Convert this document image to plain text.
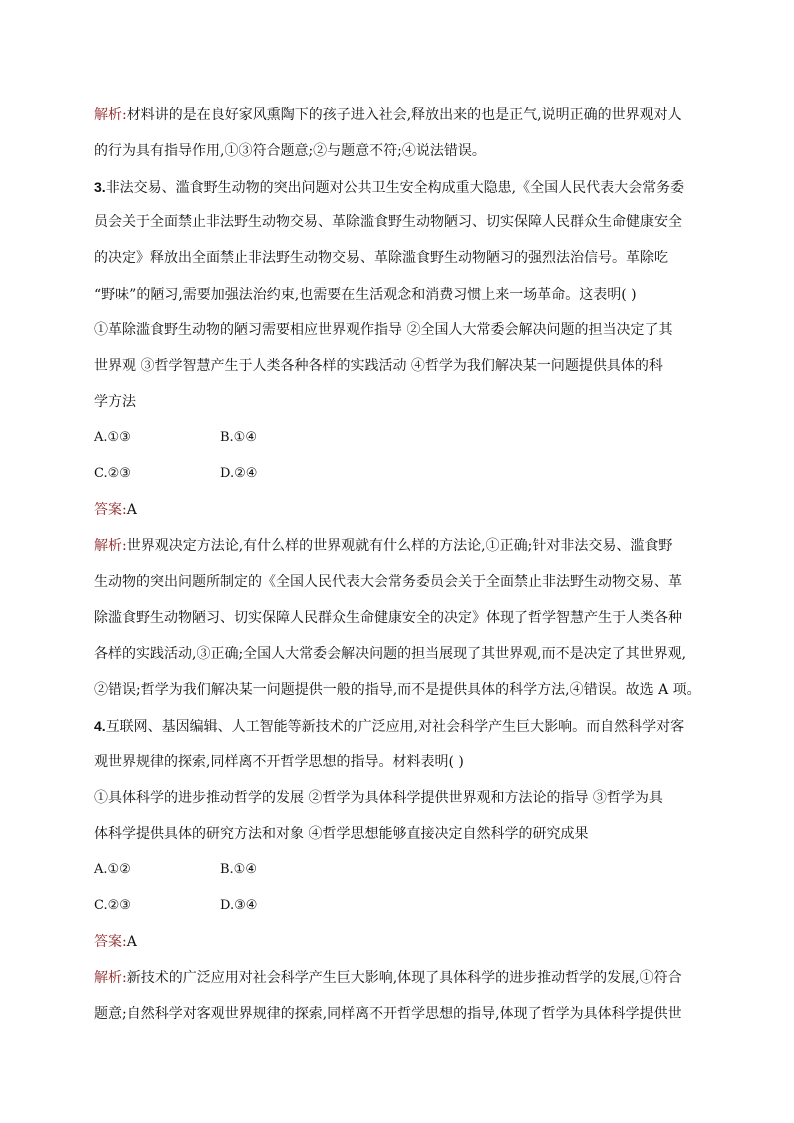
解析:材料讲的是在良好家风熏陶下的孩子进入社会,释放出来的也是正气,说明正确的世界观对人
的行为具有指导作用,①③符合题意;②与题意不符;④说法错误。
3.非法交易、滥食野生动物的突出问题对公共卫生安全构成重大隐患,《全国人民代表大会常务委
员会关于全面禁止非法野生动物交易、革除滥食野生动物陋习、切实保障人民群众生命健康安全
的决定》释放出全面禁止非法野生动物交易、革除滥食野生动物陋习的强烈法治信号。革除吃
“野味”的陋习,需要加强法治约束,也需要在生活观念和消费习惯上来一场革命。这表明( )
①革除滥食野生动物的陋习需要相应世界观作指导 ②全国人大常委会解决问题的担当决定了其
世界观 ③哲学智慧产生于人类各种各样的实践活动 ④哲学为我们解决某一问题提供具体的科
学方法
A.①③	B.①④
C.②③	D.②④
答案:A
解析:世界观决定方法论,有什么样的世界观就有什么样的方法论,①正确;针对非法交易、滥食野
生动物的突出问题所制定的《全国人民代表大会常务委员会关于全面禁止非法野生动物交易、革
除滥食野生动物陋习、切实保障人民群众生命健康安全的决定》体现了哲学智慧产生于人类各种
各样的实践活动,③正确;全国人大常委会解决问题的担当展现了其世界观,而不是决定了其世界观,
②错误;哲学为我们解决某一问题提供一般的指导,而不是提供具体的科学方法,④错误。故选 A 项。
4.互联网、基因编辑、人工智能等新技术的广泛应用,对社会科学产生巨大影响。而自然科学对客
观世界规律的探索,同样离不开哲学思想的指导。材料表明( )
①具体科学的进步推动哲学的发展 ②哲学为具体科学提供世界观和方法论的指导 ③哲学为具
体科学提供具体的研究方法和对象 ④哲学思想能够直接决定自然科学的研究成果
A.①②	B.①④
C.②③	D.③④
答案:A
解析:新技术的广泛应用对社会科学产生巨大影响,体现了具体科学的进步推动哲学的发展,①符合
题意;自然科学对客观世界规律的探索,同样离不开哲学思想的指导,体现了哲学为具体科学提供世
